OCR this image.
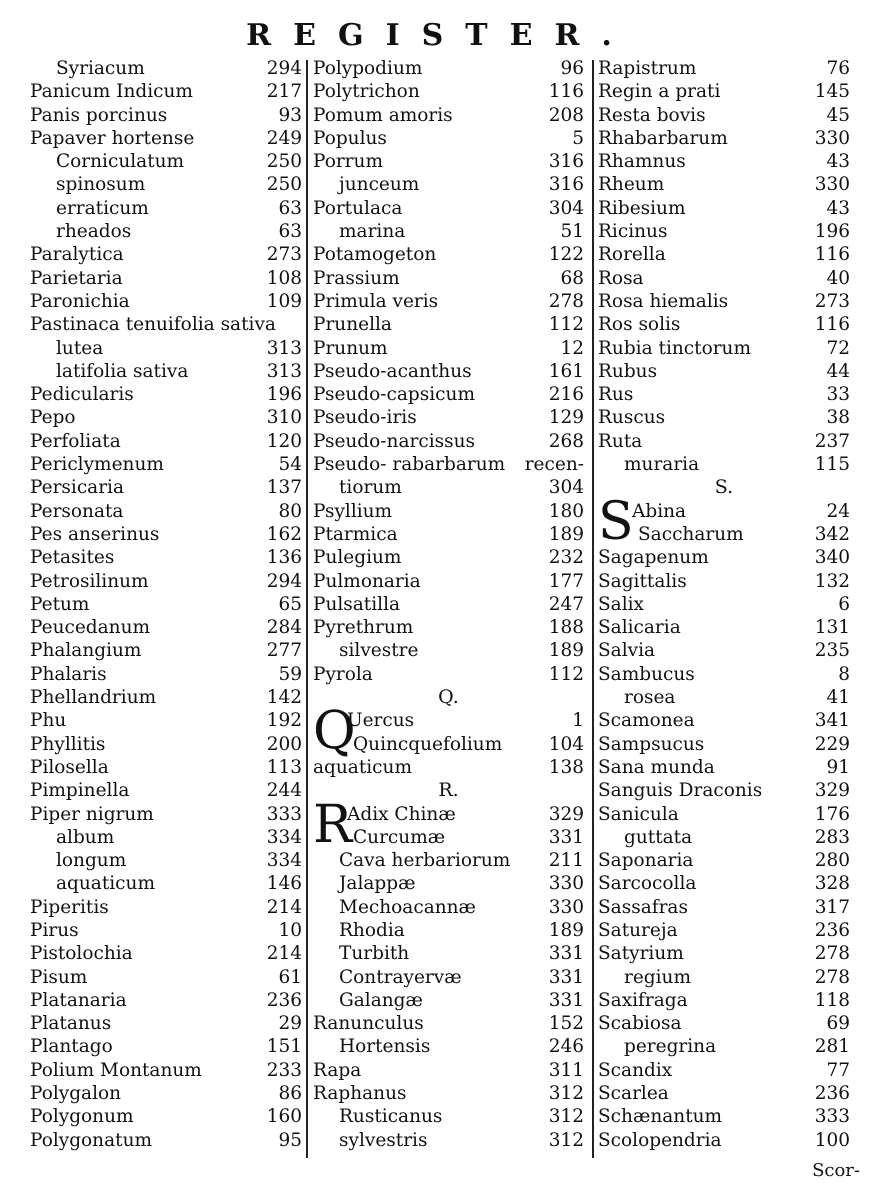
REGISTER.
Syriacum	294
Panicum Indicum	217
Panis porcinus	93
Papaver hortense	249
Corniculatum	250
spinosum	250
erraticum	63
rheados	63
Paralytica	273
Parietaria	108
Paronichia	109
Pastinaca tenuifolia sativa
lutea	313
latifolia sativa	313
Pedicularis	196
Pepo	310
Perfoliata	120
Periclymenum	54
Persicaria	137
Personata	80
Pes anserinus	162
Petasites	136
Petrosilinum	294
Petum	65
Peucedanum	284
Phalangium	277
Phalaris	59
Phellandrium	142
Phu	192
Phyllitis	200
Pilosella	113
Pimpinella	244
Piper nigrum	333
album	334
longum	334
aquaticum	146
Piperitis	214
Pirus	10
Pistolochia	214
Pisum	61
Platanaria	236
Platanus	29
Plantago	151
Polium Montanum	233
Polygalon	86
Polygonum	160
Polygonatum	95
Polypodium	96
Polytrichon	116
Pomum amoris	208
Populus	5
Porrum	316
junceum	316
Portulaca	304
marina	51
Potamogeton	122
Prassium	68
Primula veris	278
Prunella	112
Prunum	12
Pseudo-acanthus	161
Pseudo-capsicum	216
Pseudo-iris	129
Pseudo-narcissus	268
Pseudo- rabarbarum recen-
tiorum	304
Psyllium	180
Ptarmica	189
Pulegium	232
Pulmonaria	177
Pulsatilla	247
Pyrethrum	188
silvestre	189
Pyrola	112
Q.
Q
Uercus	1
Quincquefolium	104
aquaticum	138
R.
R
Adix Chinæ	329
Curcumæ	331
Cava herbariorum 211
Jalappæ	330
Mechoacannæ	330
Rhodia	189
Turbith	331
Contrayervæ	331
Galangæ	331
Ranunculus	152
Hortensis	246
Rapa	311
Raphanus	312
Rusticanus	312
sylvestris	312
Rapistrum	76
Regin a prati	145
Resta bovis	45
Rhabarbarum	330
Rhamnus	43
Rheum	330
Ribesium	43
Ricinus	196
Rorella	116
Rosa	40
Rosa hiemalis	273
Ros solis	116
Rubia tinctorum	72
Rubus	44
Rus	33
Ruscus	38
Ruta	237
muraria	115
S.
S
Abina	24
Saccharum	342
Sagapenum	340
Sagittalis	132
Salix	6
Salicaria	131
Salvia	235
Sambucus	8
rosea	41
Scamonea	341
Sampsucus	229
Sana munda	91
Sanguis Draconis	329
Sanicula	176
guttata	283
Saponaria	280
Sarcocolla	328
Sassafras	317
Satureja	236
Satyrium	278
regium	278
Saxifraga	118
Scabiosa	69
peregrina	281
Scandix	77
Scarlea	236
Schænantum	333
Scolopendria	100
Scor-
